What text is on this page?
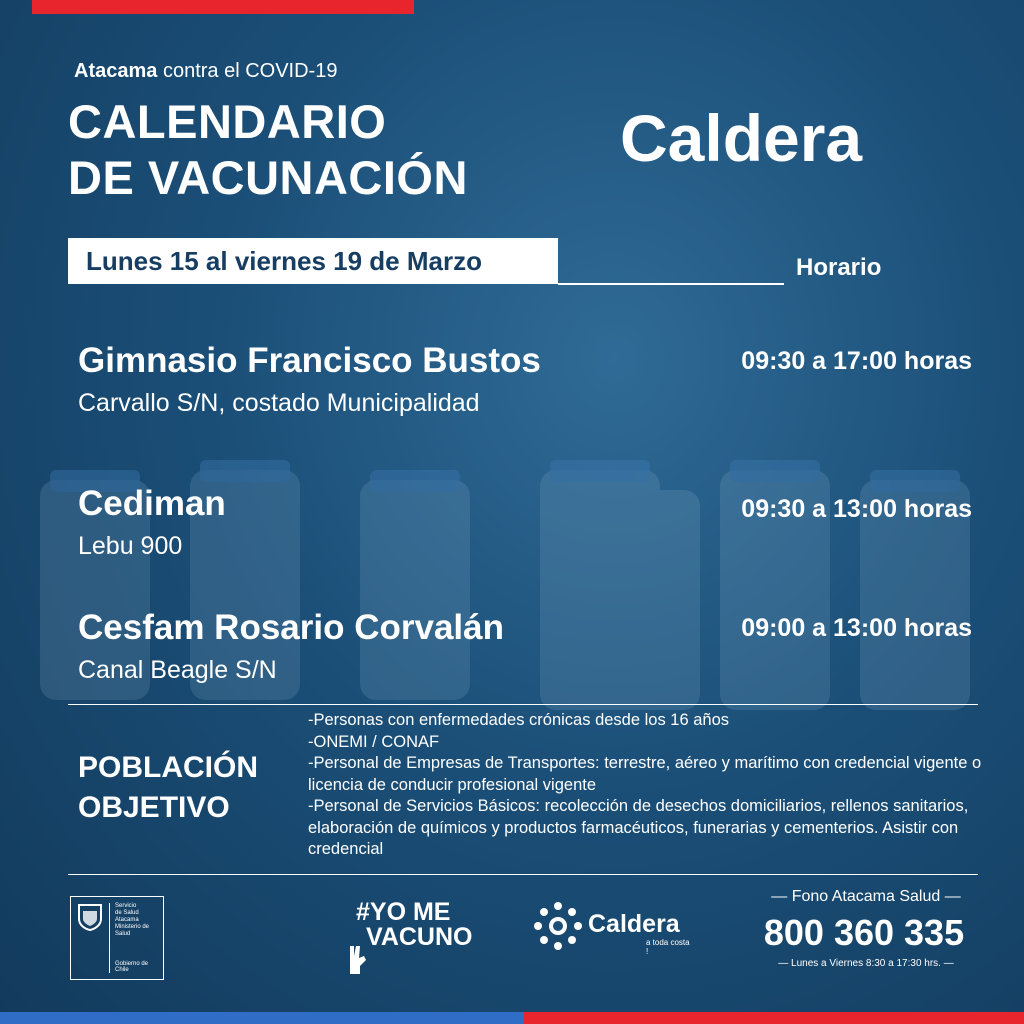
Atacama contra el COVID-19
CALENDARIO
DE VACUNACIÓN
Caldera
Lunes 15 al viernes 19 de Marzo	Horario
Gimnasio Francisco Bustos
Carvallo S/N, costado Municipalidad
09:30 a 17:00 horas
Cediman
Lebu 900
09:30 a 13:00 horas
Cesfam Rosario Corvalán
Canal Beagle S/N
09:00 a 13:00 horas
POBLACIÓN
OBJETIVO
-Personas con enfermedades crónicas desde los 16 años
-ONEMI / CONAF
-Personal de Empresas de Transportes: terrestre, aéreo y marítimo con credencial vigente o licencia de conducir profesional vigente
-Personal de Servicios Básicos: recolección de desechos domiciliarios, rellenos sanitarios, elaboración de químicos y productos farmacéuticos, funerarias y cementerios. Asistir con credencial
Servicio
de Salud
Atacama
Ministerio de Salud
Gobierno de Chile
#YO ME
VACUNO	Caldera
a toda costa !
— Fono Atacama Salud —
800 360 335
— Lunes a Viernes 8:30 a 17:30 hrs. —
